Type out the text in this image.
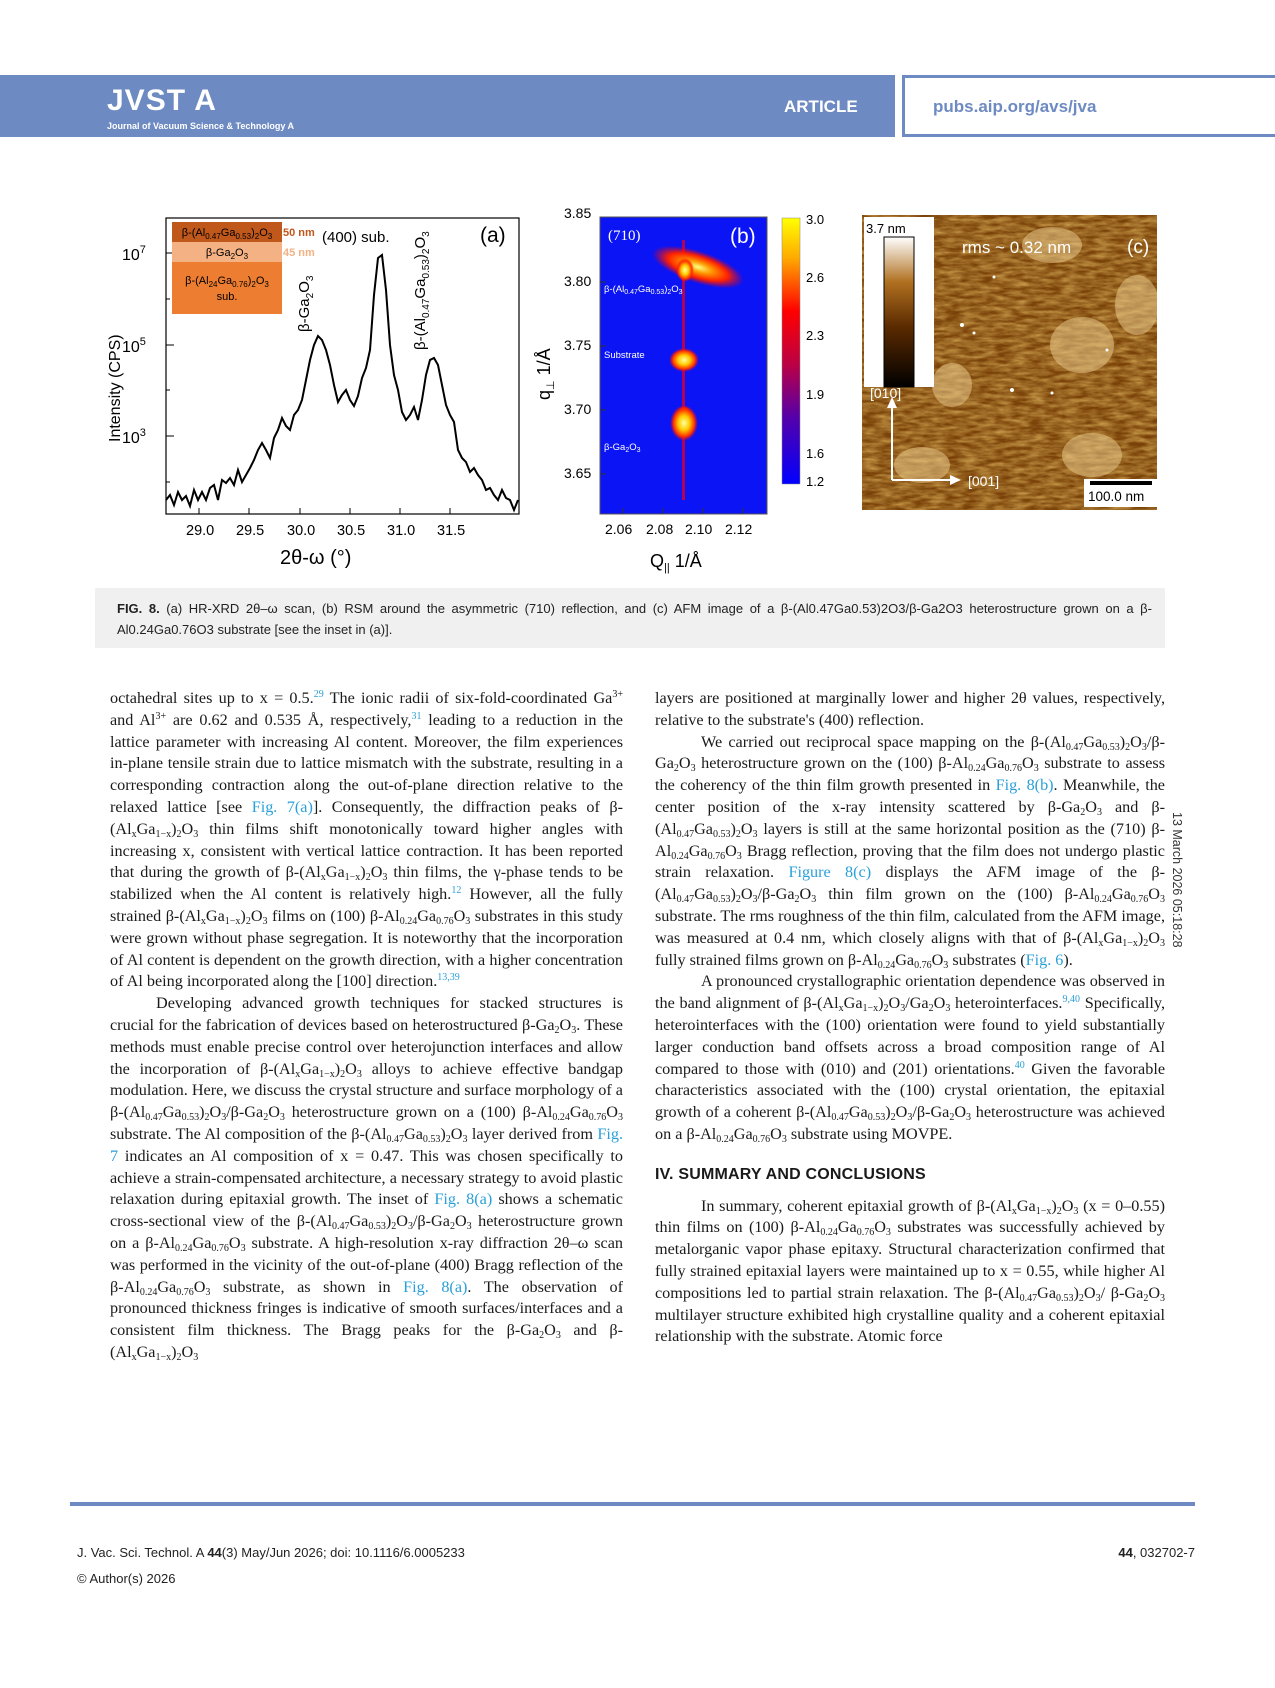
JVST A
Journal of Vacuum Science & Technology A
ARTICLE	pubs.aip.org/avs/jva
$10^7$
$10^5$
$10^3$
29.0 29.5 30.0 30.5 31.0 31.5
2θ-ω (°)
Intensity (CPS)
(a)
(400) sub.
$\beta-Ga_2O_3$
$\beta-(Al_{0.47}Ga_{0.53})_2O_3$
$\beta-(Al_{0.47}Ga_{0.53})_2O_3$
$\beta-Ga_2O_3$
$\beta-(Al_{24}Ga_{0.76})_2O_3$
sub.
50 nm
45 nm
3.85
3.80
3.75
3.70
3.65
2.06 2.08 2.10 2.12
$Q_{||}$ 1/Å
$q_\perp$ 1/Å
(710)	(b)
$\beta-(Al_{0.47}Ga_{0.53})_2O_3$
Substrate
$\beta-Ga_2O_3$
3.0
2.6
2.3
1.9
1.6
1.2
3.7 nm
rms ~ 0.32 nm	(c)
[010]
[001]
100.0 nm
FIG. 8. (a) HR-XRD 2θ–ω scan, (b) RSM around the asymmetric (710) reflection, and (c) AFM image of a β-(Al0.47Ga0.53)2O3/β-Ga2O3 heterostructure grown on a β-Al0.24Ga0.76O3 substrate [see the inset in (a)].

octahedral sites up to x = 0.5.29 The ionic radii of six-fold-coordinated $Ga^{3+}$ and $Al^{3+}$ are 0.62 and 0.535 Å, respectively,$^{31}$ leading to a reduction in the lattice parameter with increasing Al content. Moreover, the film experiences in-plane tensile strain due to lattice mismatch with the substrate, resulting in a corresponding contraction along the out-of-plane direction relative to the relaxed lattice [see Fig. 7(a)]. Consequently, the diffraction peaks of $\beta-(Al_xGa_{1-x})_2O_3$ thin films shift monotonically toward higher angles with increasing x, consistent with vertical lattice contraction. It has been reported that during the growth of $\beta-(Al_xGa_{1-x})_2O_3$ thin films, the γ-phase tends to be stabilized when the Al content is relatively high.$^{12}$ However, all the fully strained $\beta-(Al_xGa_{1-x})_2O_3$ films on (100) $\beta-Al_{0.24}Ga_{0.76}O_3$ substrates in this study were grown without phase segregation. It is noteworthy that the incorporation of Al content is dependent on the growth direction, with a higher concentration of Al being incorporated along the [100] direction.$^{13,39}$

Developing advanced growth techniques for stacked structures is crucial for the fabrication of devices based on heterostructured $\beta-Ga_2O_3$. These methods must enable precise control over heterojunction interfaces and allow the incorporation of $\beta-(Al_xGa_{1-x})_2O_3$ alloys to achieve effective bandgap modulation. Here, we discuss the crystal structure and surface morphology of a $\beta-(Al_{0.47}Ga_{0.53})_2O_3/\beta-Ga_2O_3$ heterostructure grown on a (100) $\beta-Al_{0.24}Ga_{0.76}O_3$ substrate. The Al composition of the $\beta-(Al_{0.47}Ga_{0.53})_2O_3$ layer derived from Fig. 7 indicates an Al composition of x = 0.47. This was chosen specifically to achieve a strain-compensated architecture, a necessary strategy to avoid plastic relaxation during epitaxial growth. The inset of Fig. 8(a) shows a schematic cross-sectional view of the $\beta-(Al_{0.47}Ga_{0.53})_2O_3/\beta-Ga_2O_3$ heterostructure grown on a $\beta-Al_{0.24}Ga_{0.76}O_3$ substrate. A high-resolution x-ray diffraction 2θ–ω scan was performed in the vicinity of the out-of-plane (400) Bragg reflection of the $\beta-Al_{0.24}Ga_{0.76}O_3$ substrate, as shown in Fig. 8(a). The observation of pronounced thickness fringes is indicative of smooth surfaces/interfaces and a consistent film thickness. The Bragg peaks for the $\beta-Ga_2O_3$ and $\beta-(Al_xGa_{1-x})_2O_3$

layers are positioned at marginally lower and higher 2θ values, respectively, relative to the substrate's (400) reflection.

We carried out reciprocal space mapping on the $\beta-(Al_{0.47}Ga_{0.53})_2O_3/\beta-Ga_2O_3$ heterostructure grown on the (100) $\beta-Al_{0.24}Ga_{0.76}O_3$ substrate to assess the coherency of the thin film growth presented in Fig. 8(b). Meanwhile, the center position of the x-ray intensity scattered by $\beta-Ga_2O_3$ and $\beta-(Al_{0.47}Ga_{0.53})_2O_3$ layers is still at the same horizontal position as the (710) $\beta-Al_{0.24}Ga_{0.76}O_3$ Bragg reflection, proving that the film does not undergo plastic strain relaxation. Figure 8(c) displays the AFM image of the $\beta-(Al_{0.47}Ga_{0.53})_2O_3/\beta-Ga_2O_3$ thin film grown on the (100) $\beta-Al_{0.24}Ga_{0.76}O_3$ substrate. The rms roughness of the thin film, calculated from the AFM image, was measured at 0.4 nm, which closely aligns with that of $\beta-(Al_xGa_{1-x})_2O_3$ fully strained films grown on $\beta-Al_{0.24}Ga_{0.76}O_3$ substrates (Fig. 6).

A pronounced crystallographic orientation dependence was observed in the band alignment of $\beta-(Al_xGa_{1-x})_2O_3/Ga_2O_3$ heterointerfaces.$^{9,40}$ Specifically, heterointerfaces with the (100) orientation were found to yield substantially larger conduction band offsets across a broad composition range of Al compared to those with (010) and (201) orientations.$^{40}$ Given the favorable characteristics associated with the (100) crystal orientation, the epitaxial growth of a coherent $\beta-(Al_{0.47}Ga_{0.53})_2O_3/\beta-Ga_2O_3$ heterostructure was achieved on a $\beta-Al_{0.24}Ga_{0.76}O_3$ substrate using MOVPE.

IV. SUMMARY AND CONCLUSIONS

In summary, coherent epitaxial growth of $\beta-(Al_xGa_{1-x})_2O_3$ (x = 0–0.55) thin films on (100) $\beta-Al_{0.24}Ga_{0.76}O_3$ substrates was successfully achieved by metalorganic vapor phase epitaxy. Structural characterization confirmed that fully strained epitaxial layers were maintained up to x = 0.55, while higher Al compositions led to partial strain relaxation. The $\beta-(Al_{0.47}Ga_{0.53})_2O_3/$ $\beta-Ga_2O_3$ multilayer structure exhibited high crystalline quality and a coherent epitaxial relationship with the substrate. Atomic force

13 March 2026 05:18:28
J. Vac. Sci. Technol. A 44(3) May/Jun 2026; doi: 10.1116/6.0005233
© Author(s) 2026
44, 032702-7
